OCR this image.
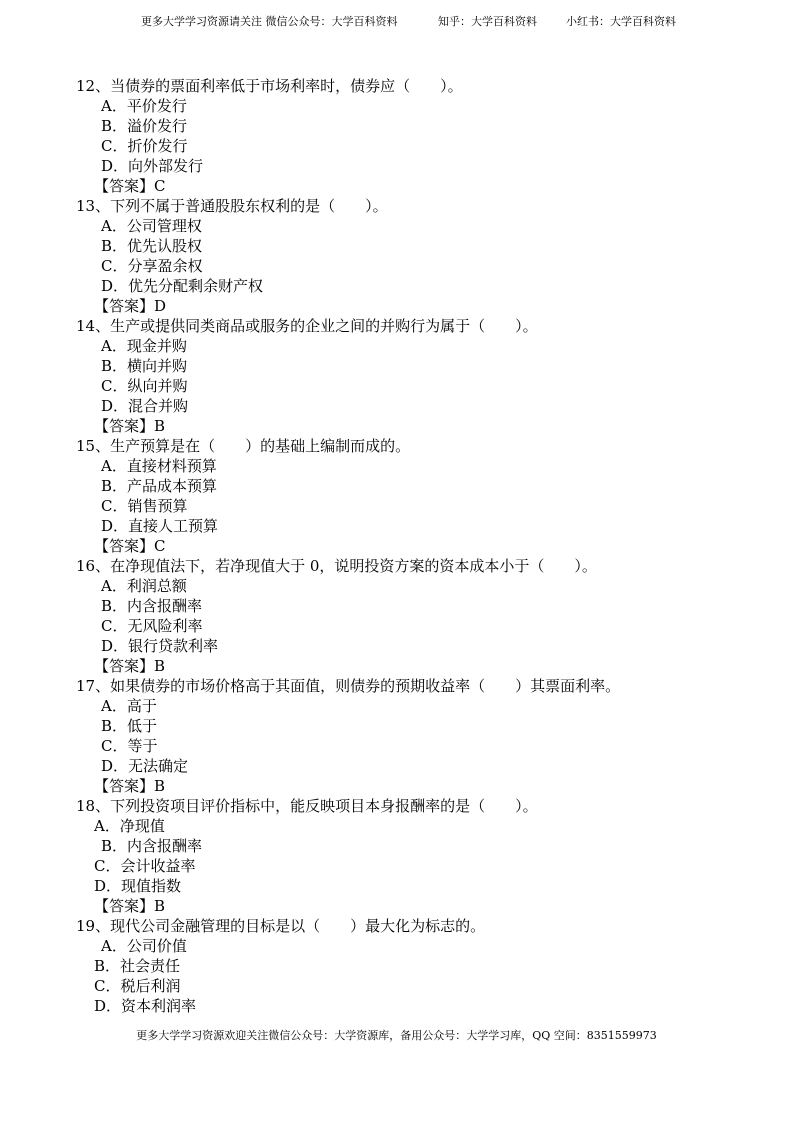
更多大学学习资源请关注 微信公众号：大学百科资料	知乎：大学百科资料	小红书：大学百科资料
12、当债券的票面利率低于市场利率时，债券应（　　）。
A．平价发行
B．溢价发行
C．折价发行
D．向外部发行
【答案】C
13、下列不属于普通股股东权利的是（　　）。
A．公司管理权
B．优先认股权
C．分享盈余权
D．优先分配剩余财产权
【答案】D
14、生产或提供同类商品或服务的企业之间的并购行为属于（　　）。
A．现金并购
B．横向并购
C．纵向并购
D．混合并购
【答案】B
15、生产预算是在（　　）的基础上编制而成的。
A．直接材料预算
B．产品成本预算
C．销售预算
D．直接人工预算
【答案】C
16、在净现值法下，若净现值大于 0，说明投资方案的资本成本小于（　　）。
A．利润总额
B．内含报酬率
C．无风险利率
D．银行贷款利率
【答案】B
17、如果债券的市场价格高于其面值，则债券的预期收益率（　　）其票面利率。
A．高于
B．低于
C．等于
D．无法确定
【答案】B
18、下列投资项目评价指标中，能反映项目本身报酬率的是（　　）。
A．净现值
B．内含报酬率
C．会计收益率
D．现值指数
【答案】B
19、现代公司金融管理的目标是以（　　）最大化为标志的。
A．公司价值
B．社会责任
C．税后利润
D．资本利润率
更多大学学习资源欢迎关注微信公众号：大学资源库，备用公众号：大学学习库，QQ 空间：8351559973
